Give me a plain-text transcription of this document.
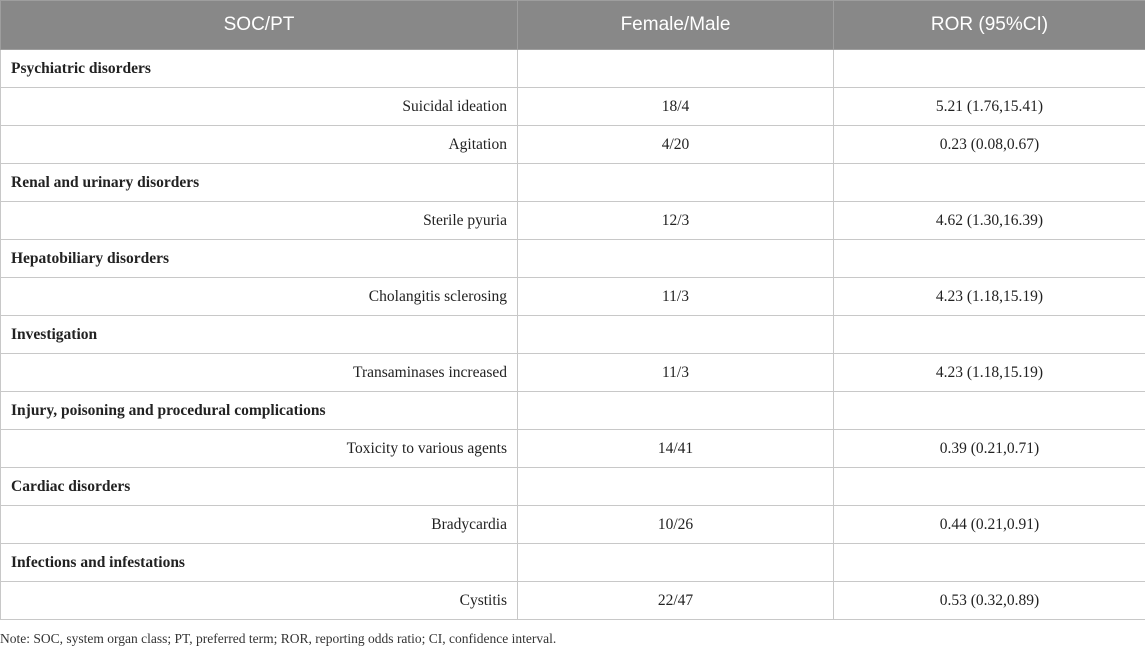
SOC/PT	Female/Male	ROR (95%CI)
Psychiatric disorders		
Suicidal ideation	18/4	5.21 (1.76,15.41)
Agitation	4/20	0.23 (0.08,0.67)
Renal and urinary disorders		
Sterile pyuria	12/3	4.62 (1.30,16.39)
Hepatobiliary disorders		
Cholangitis sclerosing	11/3	4.23 (1.18,15.19)
Investigation		
Transaminases increased	11/3	4.23 (1.18,15.19)
Injury, poisoning and procedural complications		
Toxicity to various agents	14/41	0.39 (0.21,0.71)
Cardiac disorders		
Bradycardia	10/26	0.44 (0.21,0.91)
Infections and infestations		
Cystitis	22/47	0.53 (0.32,0.89)
Note: SOC, system organ class; PT, preferred term; ROR, reporting odds ratio; CI, confidence interval.
